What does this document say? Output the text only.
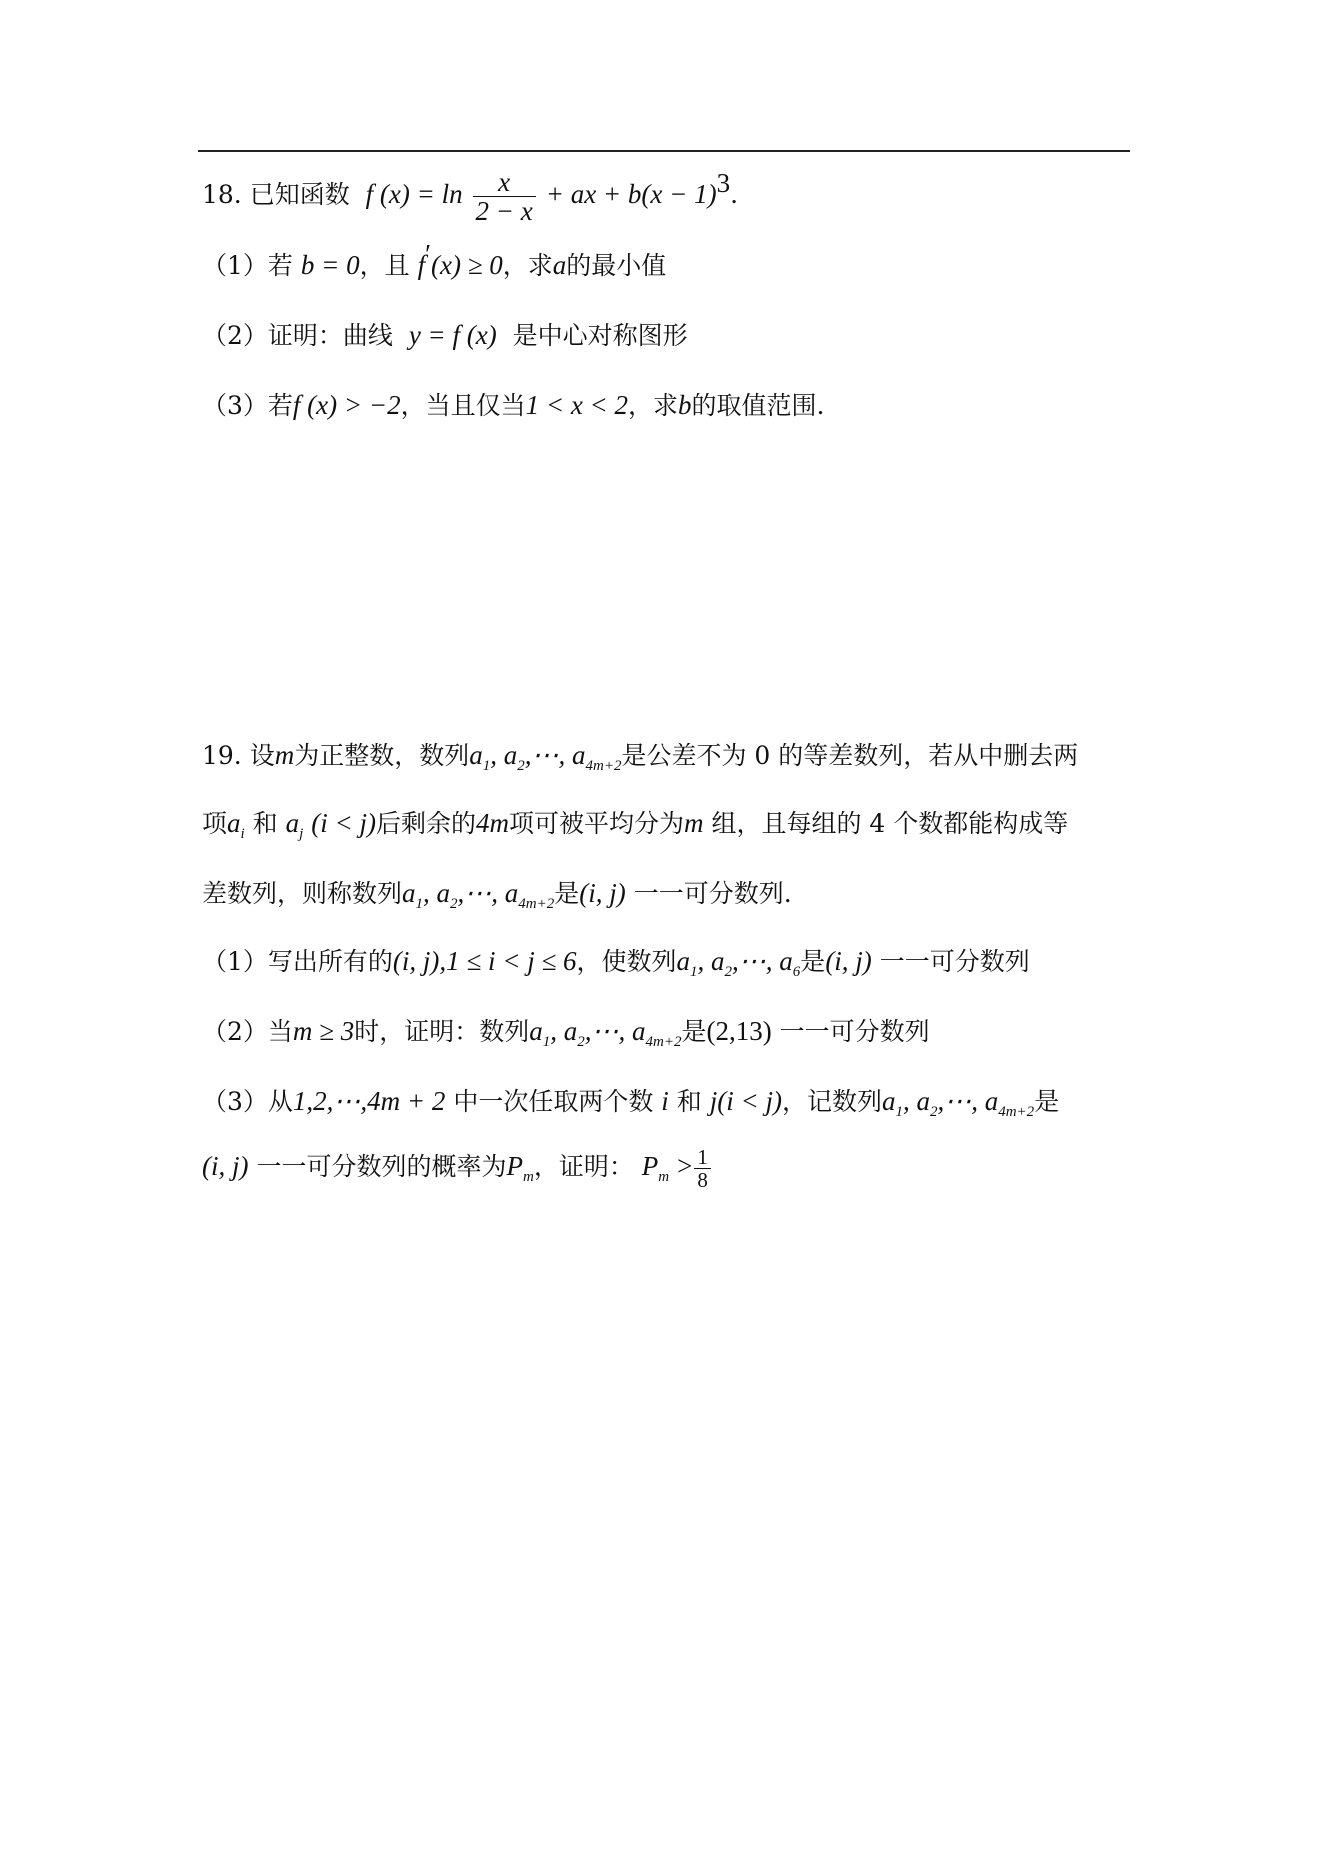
18. 已知函数 f $(x) = \ln \frac{x}{2 - x}$ + ax + $b(x - 1)^3$.
（1）若 b = 0，且 f′(x) ≥ 0，求a的最小值
（2）证明：曲线 y = f (x) 是中心对称图形
（3）若f (x) > −2，当且仅当1 < x < 2，求b的取值范围.
19. 设m为正整数，数列$a_1$, $a_2,\cdots$, $a_{4m+2}$是公差不为 0 的等差数列，若从中删去两
项$a_i$ 和 $a_j$ (i < j)后剩余的4m项可被平均分为m 组，且每组的 4 个数都能构成等
差数列，则称数列$a_1$, $a_2,\cdots$, $a_{4m+2}$是(i, j) 一一可分数列.
（1）写出所有的(i, j),1 ≤ i < j ≤ 6，使数列$a_1$, $a_2,\cdots$, $a_6$是(i, j) 一一可分数列
（2）当m ≥ 3时，证明：数列$a_1$, $a_2,\cdots$, $a_{4m+2}$是(2,13) 一一可分数列
（3）从1,2,⋯,4m + 2 中一次任取两个数 i 和 j(i < j)，记数列$a_1$, $a_2,\cdots$, $a_{4m+2}$是
(i, j) 一一可分数列的概率为$P_m$，证明： $P_m > \frac{1}{8}$
